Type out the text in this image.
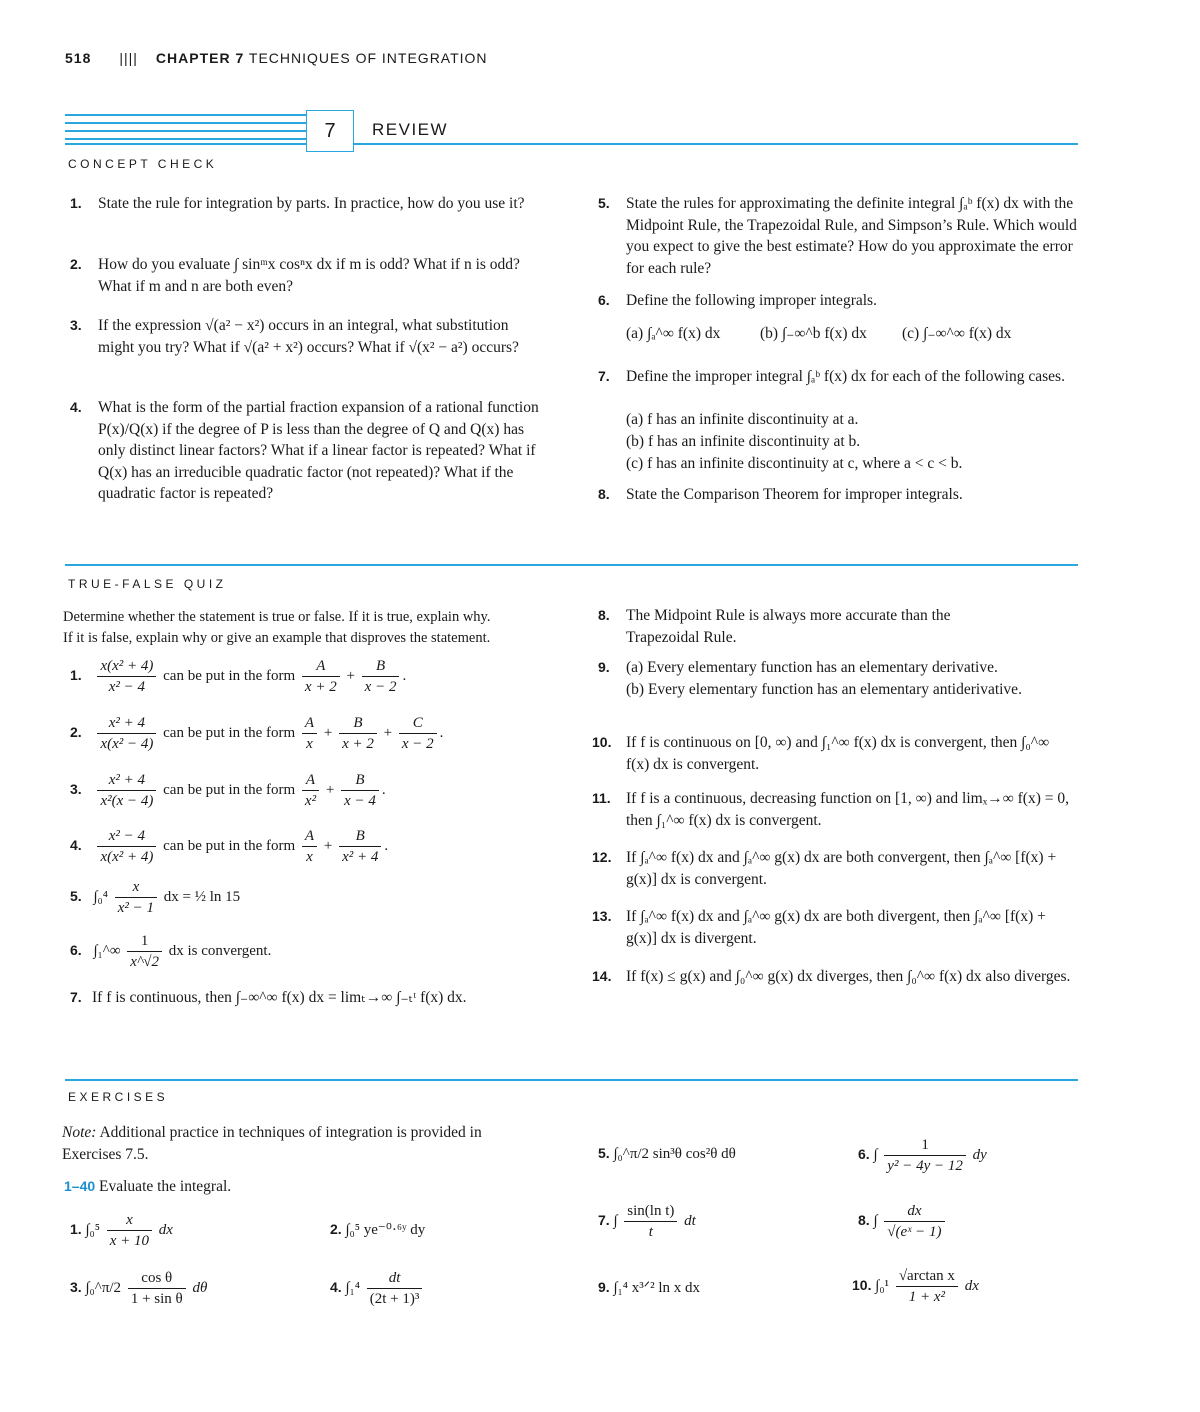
518 |||| CHAPTER 7 TECHNIQUES OF INTEGRATION
7	REVIEW
CONCEPT CHECK
1. State the rule for integration by parts. In practice, how do you use it?
2. How do you evaluate ∫ sinᵐx cosⁿx dx if m is odd? What if n is odd? What if m and n are both even?
3. If the expression √(a² − x²) occurs in an integral, what substitution might you try? What if √(a² + x²) occurs? What if √(x² − a²) occurs?
4. What is the form of the partial fraction expansion of a rational function P(x)/Q(x) if the degree of P is less than the degree of Q and Q(x) has only distinct linear factors? What if a linear factor is repeated? What if Q(x) has an irreducible quadratic factor (not repeated)? What if the quadratic factor is repeated?
5. State the rules for approximating the definite integral ∫ₐᵇ f(x) dx with the Midpoint Rule, the Trapezoidal Rule, and Simpson’s Rule. Which would you expect to give the best estimate? How do you approximate the error for each rule?
6. Define the following improper integrals.
(a) ∫ₐ^∞ f(x) dx	(b) ∫₋∞^b f(x) dx (c) ∫₋∞^∞ f(x) dx
7. Define the improper integral ∫ₐᵇ f(x) dx for each of the following cases.
(a) f has an infinite discontinuity at a.
(b) f has an infinite discontinuity at b.
(c) f has an infinite discontinuity at c, where a < c < b.
8. State the Comparison Theorem for improper integrals.
TRUE-FALSE QUIZ
Determine whether the statement is true or false. If it is true, explain why.
If it is false, explain why or give an example that disproves the statement.
1. $\frac{\text{x(x² + 4)}}{\text{x² − 4}}$ can be put in the form $\frac{A}{x + 2} + \frac{B}{x - 2}$ .
2. $\frac{\text{x² + 4}}{\text{x(x² − 4)}}$ can be put in the form $\frac{A}{x} + \frac{B}{x + 2} + \frac{C}{x - 2}$ .
3. $\frac{\text{x² + 4}}{\text{x²(x − 4)}}$ can be put in the form $\frac{A}{\text{x²}} + \frac{B}{x - 4}$ .
4. $\frac{\text{x² − 4}}{\text{x(x² + 4)}}$ can be put in the form $\frac{A}{x} + \frac{B}{\text{x² + 4}}$ .
5. $\int_0^4 \frac{x}{\text{x² − 1}}$ dx = ½ ln 15
6. ∫₁^∞ $\frac{1}{x\^{}√2}$ dx is convergent.
7. If f is continuous, then ∫₋∞^∞ f(x) dx = limₜ→∞ ∫₋ₜᵗ f(x) dx.
8. The Midpoint Rule is always more accurate than the Trapezoidal Rule.
9. (a) Every elementary function has an elementary derivative.
(b) Every elementary function has an elementary antiderivative.
10. If f is continuous on [0, ∞) and ∫₁^∞ f(x) dx is convergent, then ∫₀^∞ f(x) dx is convergent.
11. If f is a continuous, decreasing function on [1, ∞) and limₓ→∞ f(x) = 0, then ∫₁^∞ f(x) dx is convergent.
12. If ∫ₐ^∞ f(x) dx and ∫ₐ^∞ g(x) dx are both convergent, then ∫ₐ^∞ [f(x) + g(x)] dx is convergent.
13. If ∫ₐ^∞ f(x) dx and ∫ₐ^∞ g(x) dx are both divergent, then ∫ₐ^∞ [f(x) + g(x)] dx is divergent.
14. If f(x) ≤ g(x) and ∫₀^∞ g(x) dx diverges, then ∫₀^∞ f(x) dx also diverges.
EXERCISES
Note: Additional practice in techniques of integration is provided in Exercises 7.5.
1–40 Evaluate the integral.
1. $\int_0^5 \frac{x}{x + 10}$ dx	2. ∫₀⁵ ye⁻⁰·⁶ʸ dy
3. ∫₀^π/2 $\frac{\text{cos θ}}{\text{1 + sin θ}}$ dθ	4. $\int_1^4 \frac{dt}{\text{(2t + 1)³}}$
5. ∫₀^π/2 sin³θ cos²θ dθ	6. ∫ $\frac{1}{\text{y² − 4y − 12}}$ dy
7. ∫ $\frac{\text{sin(ln t)}}{t}$ dt	8. ∫ $\frac{dx}{\text{√(eˣ − 1)}}$
9. ∫₁⁴ x³ᐟ² ln x dx	10. $\int_0^1 \frac{\text{√arctan x}}{\text{1 + x²}}$ dx
